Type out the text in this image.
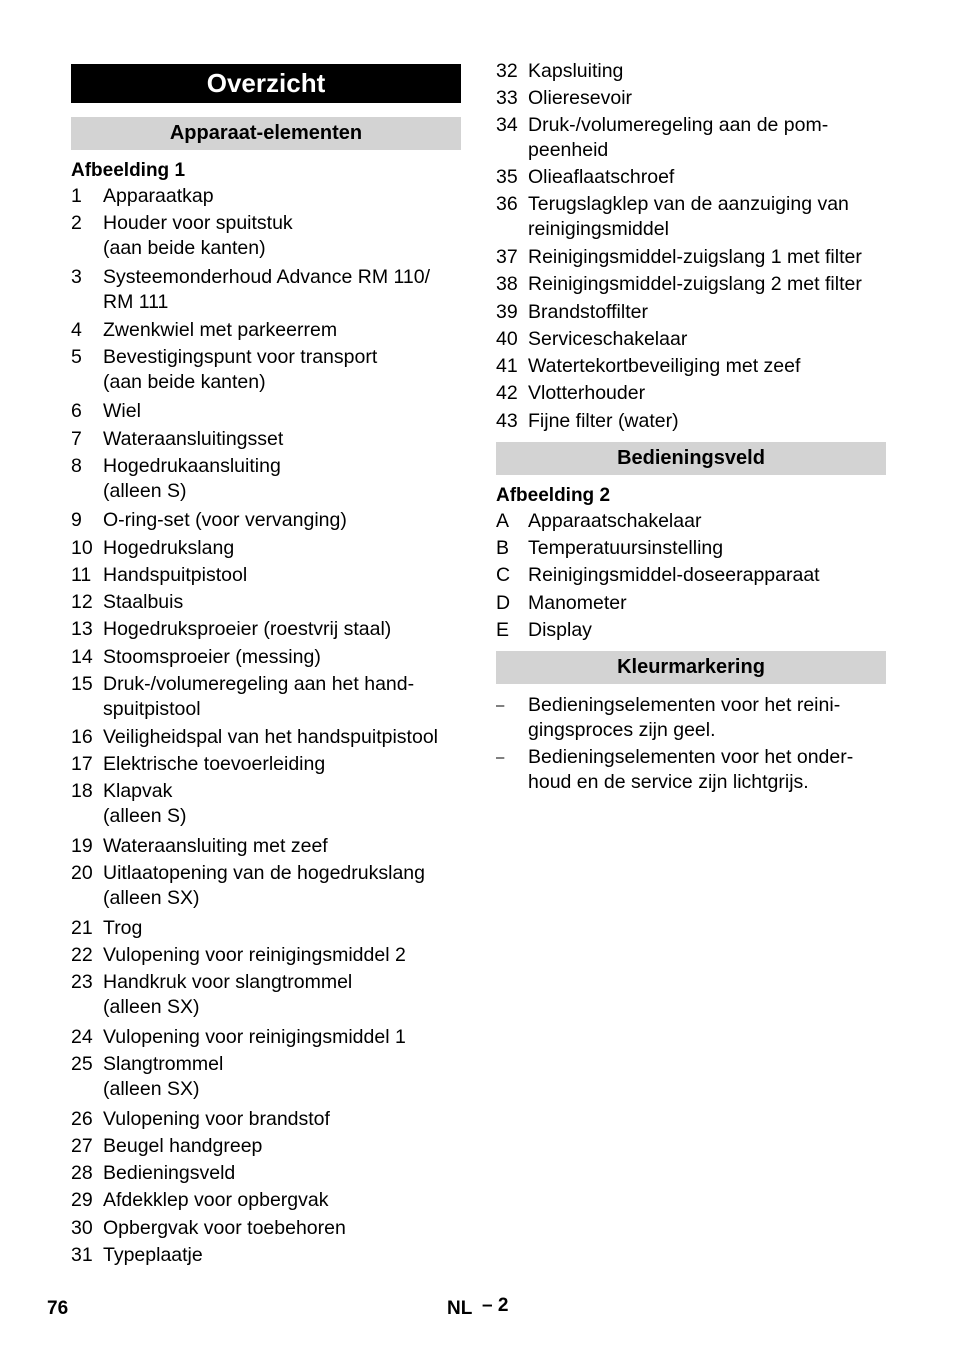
Overzicht
Apparaat-elementen
Afbeelding 1
1 Apparaatkap
2 Houder voor spuitstuk
(aan beide kanten)
3 Systeemonderhoud Advance RM 110/
RM 111
4 Zwenkwiel met parkeerrem
5 Bevestigingspunt voor transport
(aan beide kanten)
6 Wiel
7 Wateraansluitingsset
8 Hogedrukaansluiting
(alleen S)
9 O-ring-set (voor vervanging)
10 Hogedrukslang
11 Handspuitpistool
12 Staalbuis
13 Hogedruksproeier (roestvrij staal)
14 Stoomsproeier (messing)
15 Druk-/volumeregeling aan het hand-
spuitpistool
16 Veiligheidspal van het handspuitpistool
17 Elektrische toevoerleiding
18 Klapvak
(alleen S)
19 Wateraansluiting met zeef
20 Uitlaatopening van de hogedrukslang
(alleen SX)
21 Trog
22 Vulopening voor reinigingsmiddel 2
23 Handkruk voor slangtrommel
(alleen SX)
24 Vulopening voor reinigingsmiddel 1
25 Slangtrommel
(alleen SX)
26 Vulopening voor brandstof
27 Beugel handgreep
28 Bedieningsveld
29 Afdekklep voor opbergvak
30 Opbergvak voor toebehoren
31 Typeplaatje
32 Kapsluiting
33 Olieresevoir
34 Druk-/volumeregeling aan de pom-
peenheid
35 Olieaflaatschroef
36 Terugslagklep van de aanzuiging van
reinigingsmiddel
37 Reinigingsmiddel-zuigslang 1 met filter
38 Reinigingsmiddel-zuigslang 2 met filter
39 Brandstoffilter
40 Serviceschakelaar
41 Watertekortbeveiliging met zeef
42 Vlotterhouder
43 Fijne filter (water)
Bedieningsveld
Afbeelding 2
A Apparaatschakelaar
B Temperatuursinstelling
C Reinigingsmiddel-doseerapparaat
D Manometer
E Display
Kleurmarkering
– Bedieningselementen voor het reini-
gingsproces zijn geel.
– Bedieningselementen voor het onder-
houd en de service zijn lichtgrijs.
76	NL – 2
